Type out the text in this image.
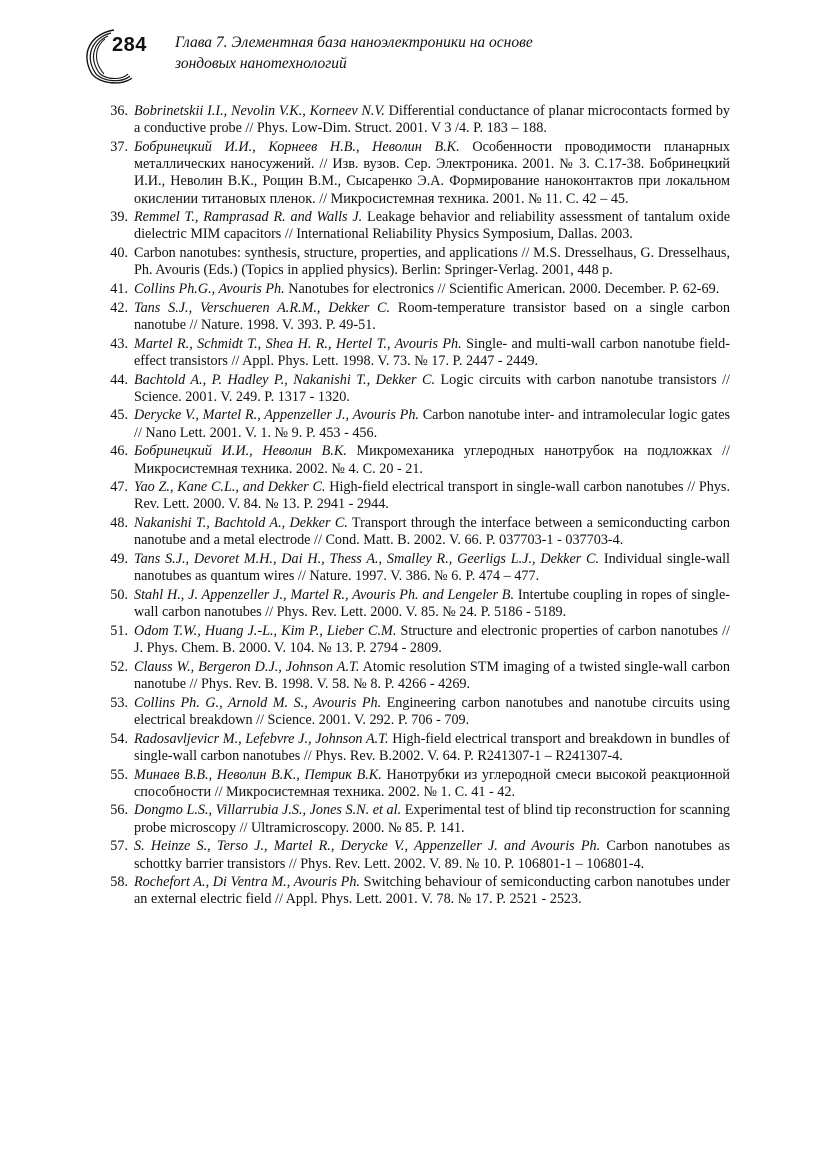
284 Глава 7. Элементная база наноэлектроники на основе
зондовых нанотехнологий
36. Bobrinetskii I.I., Nevolin V.K., Korneev N.V. Differential conductance of planar microcontacts formed by a conductive probe // Phys. Low-Dim. Struct. 2001. V 3 /4. P. 183 – 188.
37. Бобринецкий И.И., Корнеев Н.В., Неволин В.К. Особенности проводимости планарных металлических наносужений. // Изв. вузов. Сер. Электроника. 2001. № 3. С.17-38. Бобринецкий И.И., Неволин В.К., Рощин В.М., Сысаренко Э.А. Формирование наноконтактов при локальном окислении титановых пленок. // Микросистемная техника. 2001. № 11. С. 42 – 45.
39. Remmel T., Ramprasad R. and Walls J. Leakage behavior and reliability assessment of tantalum oxide dielectric MIM capacitors // International Reliability Physics Symposium, Dallas. 2003.
40. Carbon nanotubes: synthesis, structure, properties, and applications // M.S. Dresselhaus, G. Dresselhaus, Ph. Avouris (Eds.) (Topics in applied physics). Berlin: Springer-Verlag. 2001, 448 p.
41. Collins Ph.G., Avouris Ph. Nanotubes for electronics // Scientific American. 2000. December. P. 62-69.
42. Tans S.J., Verschueren A.R.M., Dekker C. Room-temperature transistor based on a single carbon nanotube // Nature. 1998. V. 393. P. 49-51.
43. Martel R., Schmidt T., Shea H. R., Hertel T., Avouris Ph. Single- and multi-wall carbon nanotube field-effect transistors // Appl. Phys. Lett. 1998. V. 73. № 17. P. 2447 - 2449.
44. Bachtold A., P. Hadley P., Nakanishi T., Dekker C. Logic circuits with carbon nanotube transistors // Science. 2001. V. 249. P. 1317 - 1320.
45. Derycke V., Martel R., Appenzeller J., Avouris Ph. Carbon nanotube inter- and intramolecular logic gates // Nano Lett. 2001. V. 1. № 9. P. 453 - 456.
46. Бобринецкий И.И., Неволин В.К. Микромеханика углеродных нанотрубок на подложках // Микросистемная техника. 2002. № 4. С. 20 - 21.
47. Yao Z., Kane C.L., and Dekker C. High-field electrical transport in single-wall carbon nanotubes // Phys. Rev. Lett. 2000. V. 84. № 13. P. 2941 - 2944.
48. Nakanishi T., Bachtold A., Dekker C. Transport through the interface between a semiconducting carbon nanotube and a metal electrode // Cond. Matt. B. 2002. V. 66. P. 037703-1 - 037703-4.
49. Tans S.J., Devoret M.H., Dai H., Thess A., Smalley R., Geerligs L.J., Dekker C. Individual single-wall nanotubes as quantum wires // Nature. 1997. V. 386. № 6. P. 474 – 477.
50. Stahl H., J. Appenzeller J., Martel R., Avouris Ph. and Lengeler B. Intertube coupling in ropes of single-wall carbon nanotubes // Phys. Rev. Lett. 2000. V. 85. № 24. P. 5186 - 5189.
51. Odom T.W., Huang J.-L., Kim P., Lieber C.M. Structure and electronic properties of carbon nanotubes // J. Phys. Chem. B. 2000. V. 104. № 13. P. 2794 - 2809.
52. Clauss W., Bergeron D.J., Johnson A.T. Atomic resolution STM imaging of a twisted single-wall carbon nanotube // Phys. Rev. B. 1998. V. 58. № 8. P. 4266 - 4269.
53. Collins Ph. G., Arnold M. S., Avouris Ph. Engineering carbon nanotubes and nanotube circuits using electrical breakdown // Science. 2001. V. 292. P. 706 - 709.
54. Radosavljevicr M., Lefebvre J., Johnson A.T. High-field electrical transport and breakdown in bundles of single-wall carbon nanotubes // Phys. Rev. B.2002. V. 64. P. R241307-1 – R241307-4.
55. Минаев В.В., Неволин В.К., Петрик В.К. Нанотрубки из углеродной смеси высокой реакционной способности // Микросистемная техника. 2002. № 1. С. 41 - 42.
56. Dongmo L.S., Villarrubia J.S., Jones S.N. et al. Experimental test of blind tip reconstruction for scanning probe microscopy // Ultramicroscopy. 2000. № 85. P. 141.
57. S. Heinze S., Terso J., Martel R., Derycke V., Appenzeller J. and Avouris Ph. Carbon nanotubes as schottky barrier transistors // Phys. Rev. Lett. 2002. V. 89. № 10. P. 106801-1 – 106801-4.
58. Rochefort A., Di Ventra M., Avouris Ph. Switching behaviour of semiconducting carbon nanotubes under an external electric field // Appl. Phys. Lett. 2001. V. 78. № 17. P. 2521 - 2523.
